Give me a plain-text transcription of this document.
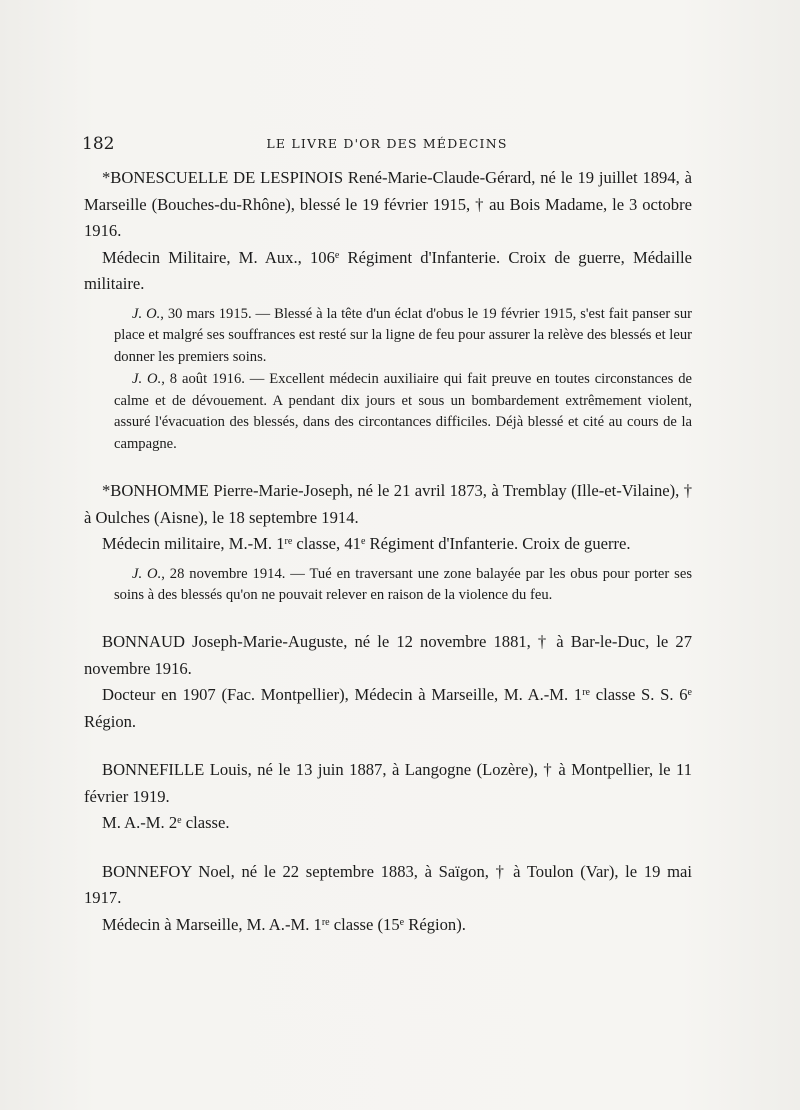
182	LE LIVRE D'OR DES MÉDECINS

*BONESCUELLE DE LESPINOIS René-Marie-Claude-Gérard, né le 19 juillet 1894, à Marseille (Bouches-du-Rhône), blessé le 19 février 1915, † au Bois Madame, le 3 octobre 1916.

Médecin Militaire, M. Aux., 106e Régiment d'Infanterie. Croix de guerre, Médaille militaire.

J. O., 30 mars 1915. — Blessé à la tête d'un éclat d'obus le 19 février 1915, s'est fait panser sur place et malgré ses souffrances est resté sur la ligne de feu pour assurer la relève des blessés et leur donner les premiers soins.

J. O., 8 août 1916. — Excellent médecin auxiliaire qui fait preuve en toutes circonstances de calme et de dévouement. A pendant dix jours et sous un bombardement extrêmement violent, assuré l'évacuation des blessés, dans des circontances difficiles. Déjà blessé et cité au cours de la campagne.

*BONHOMME Pierre-Marie-Joseph, né le 21 avril 1873, à Tremblay (Ille-et-Vilaine), † à Oulches (Aisne), le 18 septembre 1914.

Médecin militaire, M.-M. 1re classe, 41e Régiment d'Infanterie. Croix de guerre.

J. O., 28 novembre 1914. — Tué en traversant une zone balayée par les obus pour porter ses soins à des blessés qu'on ne pouvait relever en raison de la violence du feu.

BONNAUD Joseph-Marie-Auguste, né le 12 novembre 1881, † à Bar-le-Duc, le 27 novembre 1916.

Docteur en 1907 (Fac. Montpellier), Médecin à Marseille, M. A.-M. 1re classe S. S. 6e Région.

BONNEFILLE Louis, né le 13 juin 1887, à Langogne (Lozère), † à Montpellier, le 11 février 1919.

M. A.-M. 2e classe.

BONNEFOY Noel, né le 22 septembre 1883, à Saïgon, † à Toulon (Var), le 19 mai 1917.

Médecin à Marseille, M. A.-M. 1re classe (15e Région).
